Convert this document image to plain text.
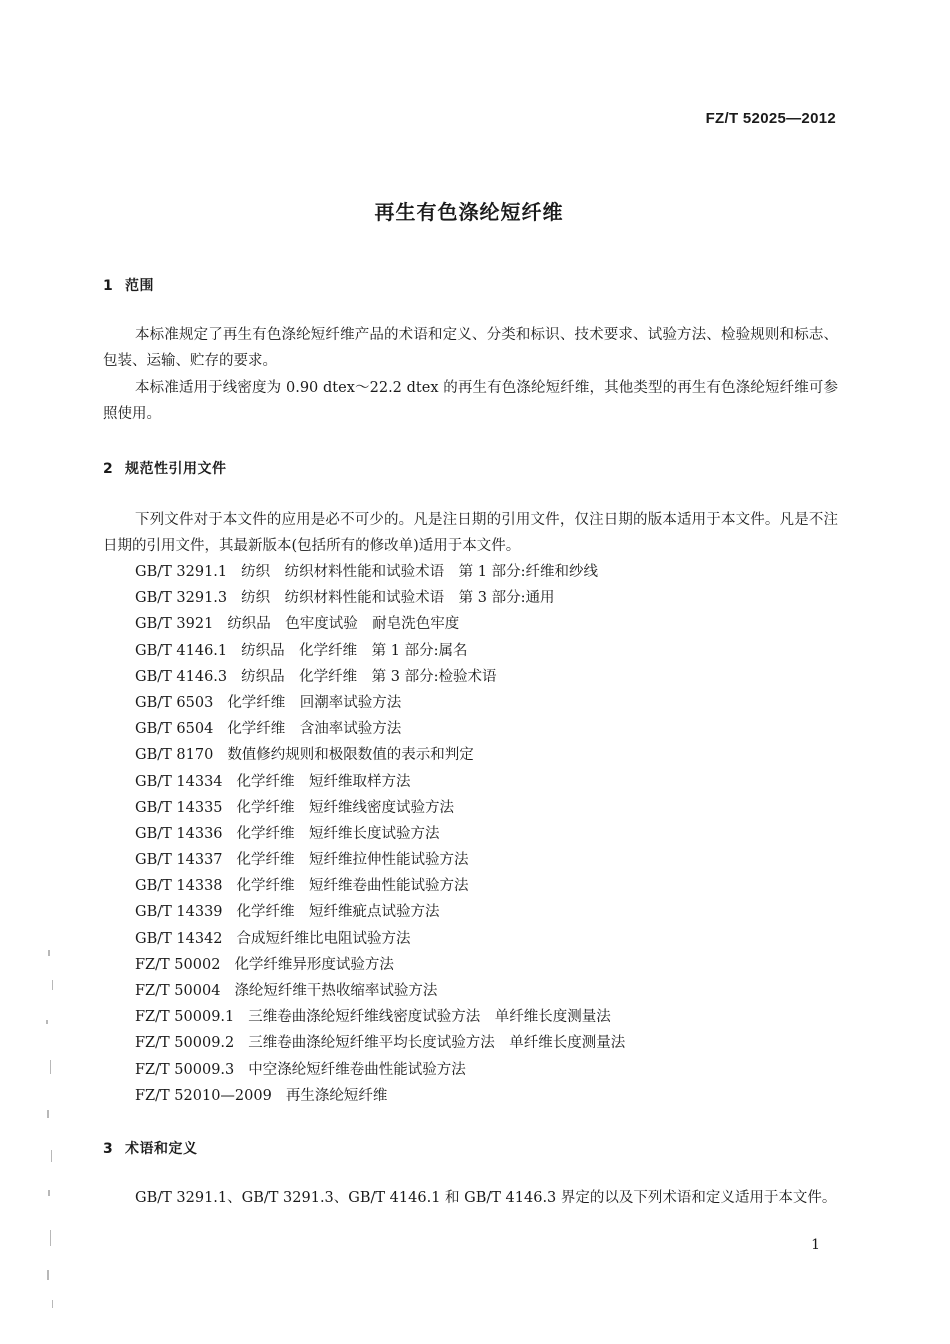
FZ/T 52025—2012
再生有色涤纶短纤维
1 范围

本标准规定了再生有色涤纶短纤维产品的术语和定义、分类和标识、技术要求、试验方法、检验规则和标志、包装、运输、贮存的要求。

本标准适用于线密度为 0.90 dtex～22.2 dtex 的再生有色涤纶短纤维，其他类型的再生有色涤纶短纤维可参照使用。

2 规范性引用文件

下列文件对于本文件的应用是必不可少的。凡是注日期的引用文件，仅注日期的版本适用于本文件。凡是不注日期的引用文件，其最新版本(包括所有的修改单)适用于本文件。

GB/T 3291.1 纺织　纺织材料性能和试验术语　第 1 部分:纤维和纱线
GB/T 3291.3 纺织　纺织材料性能和试验术语　第 3 部分:通用
GB/T 3921 纺织品　色牢度试验　耐皂洗色牢度
GB/T 4146.1 纺织品　化学纤维　第 1 部分:属名
GB/T 4146.3 纺织品　化学纤维　第 3 部分:检验术语
GB/T 6503 化学纤维　回潮率试验方法
GB/T 6504 化学纤维　含油率试验方法
GB/T 8170 数值修约规则和极限数值的表示和判定
GB/T 14334 化学纤维　短纤维取样方法
GB/T 14335 化学纤维　短纤维线密度试验方法
GB/T 14336 化学纤维　短纤维长度试验方法
GB/T 14337 化学纤维　短纤维拉伸性能试验方法
GB/T 14338 化学纤维　短纤维卷曲性能试验方法
GB/T 14339 化学纤维　短纤维疵点试验方法
GB/T 14342 合成短纤维比电阻试验方法
FZ/T 50002 化学纤维异形度试验方法
FZ/T 50004 涤纶短纤维干热收缩率试验方法
FZ/T 50009.1 三维卷曲涤纶短纤维线密度试验方法　单纤维长度测量法
FZ/T 50009.2 三维卷曲涤纶短纤维平均长度试验方法　单纤维长度测量法
FZ/T 50009.3 中空涤纶短纤维卷曲性能试验方法
FZ/T 52010—2009 再生涤纶短纤维
3 术语和定义

GB/T 3291.1、GB/T 3291.3、GB/T 4146.1 和 GB/T 4146.3 界定的以及下列术语和定义适用于本文件。

1
